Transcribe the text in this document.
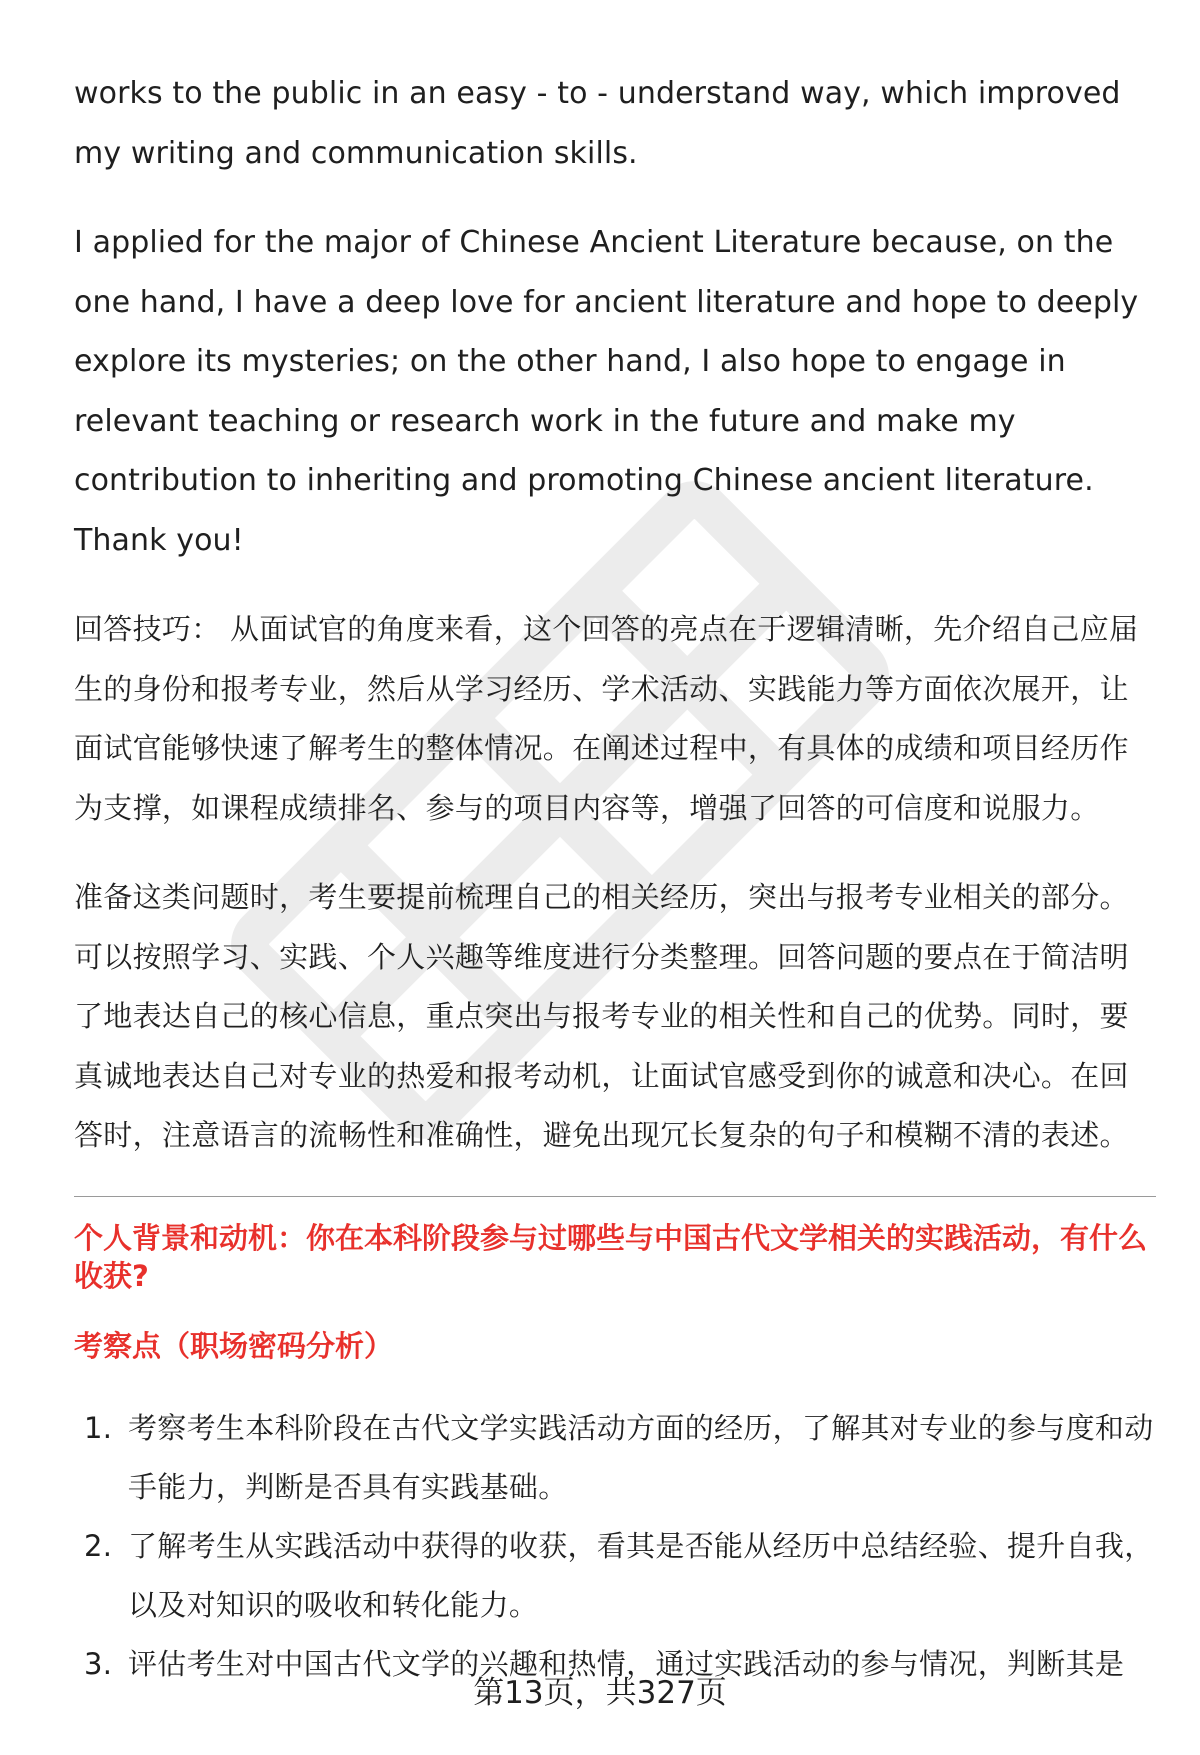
works to the public in an easy - to - understand way, which improved my writing and communication skills.

I applied for the major of Chinese Ancient Literature because, on the one hand, I have a deep love for ancient literature and hope to deeply explore its mysteries; on the other hand, I also hope to engage in relevant teaching or research work in the future and make my contribution to inheriting and promoting Chinese ancient literature. Thank you!

回答技巧： 从面试官的角度来看，这个回答的亮点在于逻辑清晰，先介绍自己应届生的身份和报考专业，然后从学习经历、学术活动、实践能力等方面依次展开，让面试官能够快速了解考生的整体情况。在阐述过程中，有具体的成绩和项目经历作为支撑，如课程成绩排名、参与的项目内容等，增强了回答的可信度和说服力。

准备这类问题时，考生要提前梳理自己的相关经历，突出与报考专业相关的部分。可以按照学习、实践、个人兴趣等维度进行分类整理。回答问题的要点在于简洁明了地表达自己的核心信息，重点突出与报考专业的相关性和自己的优势。同时，要真诚地表达自己对专业的热爱和报考动机，让面试官感受到你的诚意和决心。在回答时，注意语言的流畅性和准确性，避免出现冗长复杂的句子和模糊不清的表述。

个人背景和动机：你在本科阶段参与过哪些与中国古代文学相关的实践活动，有什么收获?
考察点（职场密码分析）
1. 考察考生本科阶段在古代文学实践活动方面的经历，了解其对专业的参与度和动手能力，判断是否具有实践基础。
2. 了解考生从实践活动中获得的收获，看其是否能从经历中总结经验、提升自我，以及对知识的吸收和转化能力。
3. 评估考生对中国古代文学的兴趣和热情，通过实践活动的参与情况，判断其是
第13页，共327页
